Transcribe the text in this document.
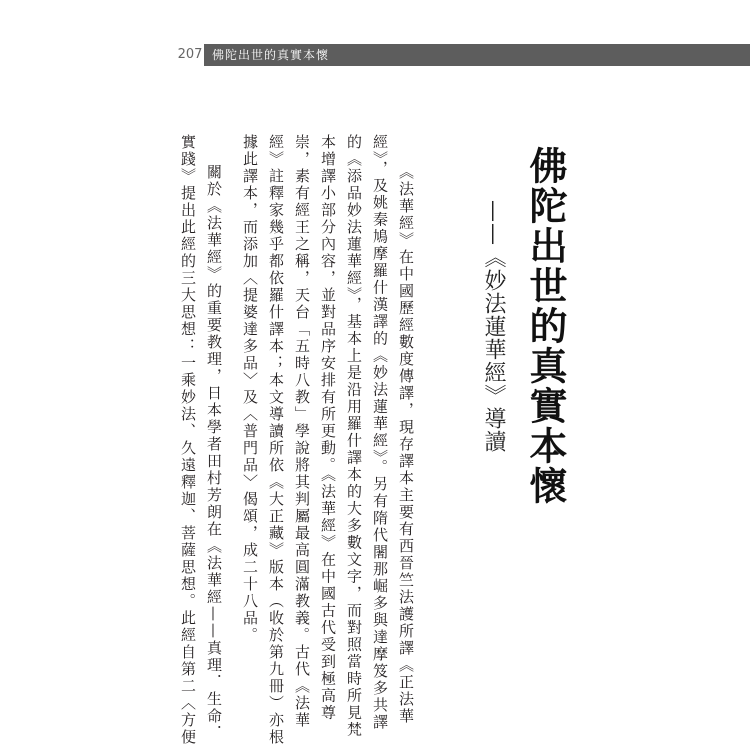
207 佛陀出世的真實本懷
佛陀出世的真實本懷
——《妙法蓮華經》導讀
《法華經》在中國歷經數度傳譯，現存譯本主要有西晉竺法護所譯《正法華
經》，及姚秦鳩摩羅什漢譯的《妙法蓮華經》。另有隋代闍那崛多與達摩笈多共譯
的《添品妙法蓮華經》，基本上是沿用羅什譯本的大多數文字，而對照當時所見梵
本增譯小部分內容，並對品序安排有所更動。《法華經》在中國古代受到極高尊
崇，素有經王之稱，天台「五時八教」學說將其判屬最高圓滿教義。古代《法華
經》註釋家幾乎都依羅什譯本；本文導讀所依《大正藏》版本（收於第九冊）亦根
據此譯本，而添加〈提婆達多品〉及〈普門品〉偈頌，成二十八品。
關於《法華經》的重要教理，日本學者田村芳朗在《法華經——真理．生命．
實踐》提出此經的三大思想：一乘妙法、久遠釋迦、菩薩思想。此經自第二〈方便
